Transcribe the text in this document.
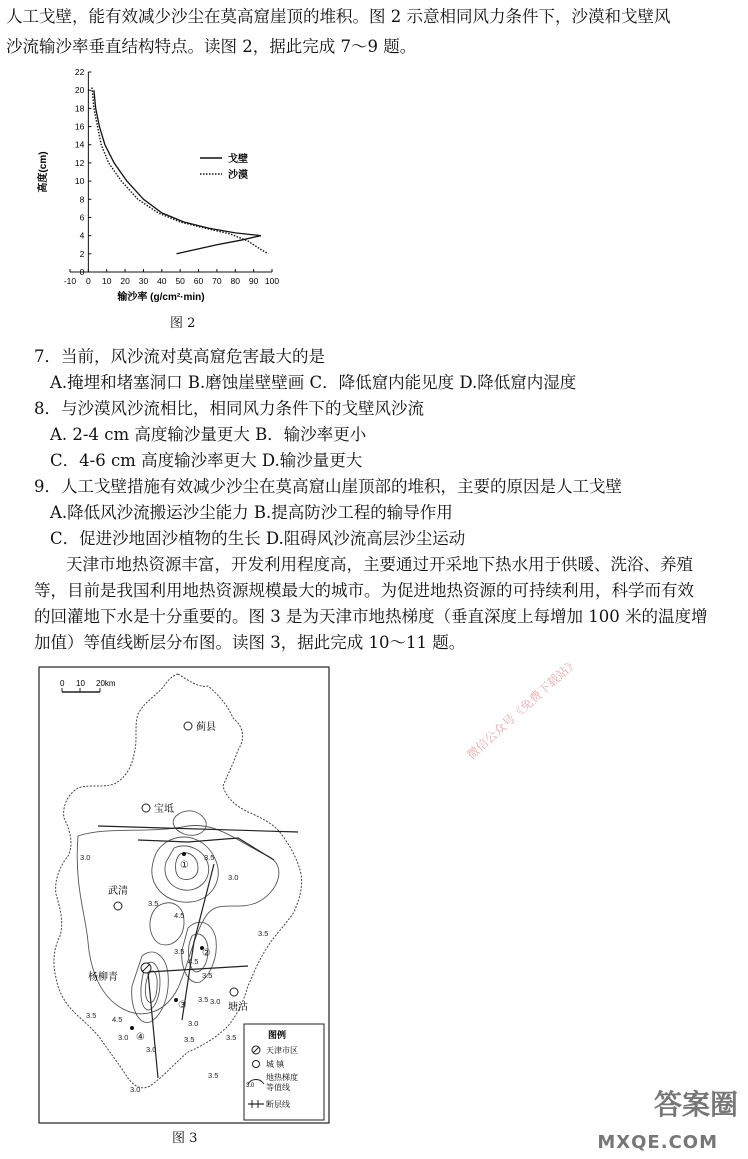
人工戈壁，能有效减少沙尘在莫高窟崖顶的堆积。图 2 示意相同风力条件下，沙漠和戈壁风
沙流输沙率垂直结构特点。读图 2，据此完成 7～9 题。
-10 0 10 20 30 40 50 60 70 80 90 100
0
2
4
6
8
10
12
14
16
18
20
22
输沙率 (g/cm²·min)
高度(cm)	戈壁
沙漠
图 2
7．当前，风沙流对莫高窟危害最大的是
A.掩埋和堵塞洞口 B.磨蚀崖壁壁画 C．降低窟内能见度 D.降低窟内湿度
8．与沙漠风沙流相比，相同风力条件下的戈壁风沙流
A. 2-4 cm 高度输沙量更大 B．输沙率更小
C．4-6 cm 高度输沙率更大 D.输沙量更大
9．人工戈壁措施有效减少沙尘在莫高窟山崖顶部的堆积，主要的原因是人工戈壁
A.降低风沙流搬运沙尘能力 B.提高防沙工程的输导作用
C．促进沙地固沙植物的生长 D.阻碍风沙流高层沙尘运动
天津市地热资源丰富，开发利用程度高，主要通过开采地下热水用于供暖、洗浴、养殖
等，目前是我国利用地热资源规模最大的城市。为促进地热资源的可持续利用，科学而有效
的回灌地下水是十分重要的。图 3 是为天津市地热梯度（垂直深度上每增加 100 米的温度增
加值）等值线断层分布图。读图 3，据此完成 10～11 题。
微信公众号《免费下载站》
0 10 20km
蓟县
宝坻
武清
杨柳青
塘沽
3.0	3.5
3.0
3.5
4.5
3.5
3.5
4.5
3.5
3.5 3.0
3.5 4.5	3.0
3.5
3.0
3.0
3.5
3.0
3.5
①
②
③
④	图例
天津市区
城 镇
3.0
地热梯度
等值线
断层线
图 3
答案圈
MXQE.COM
